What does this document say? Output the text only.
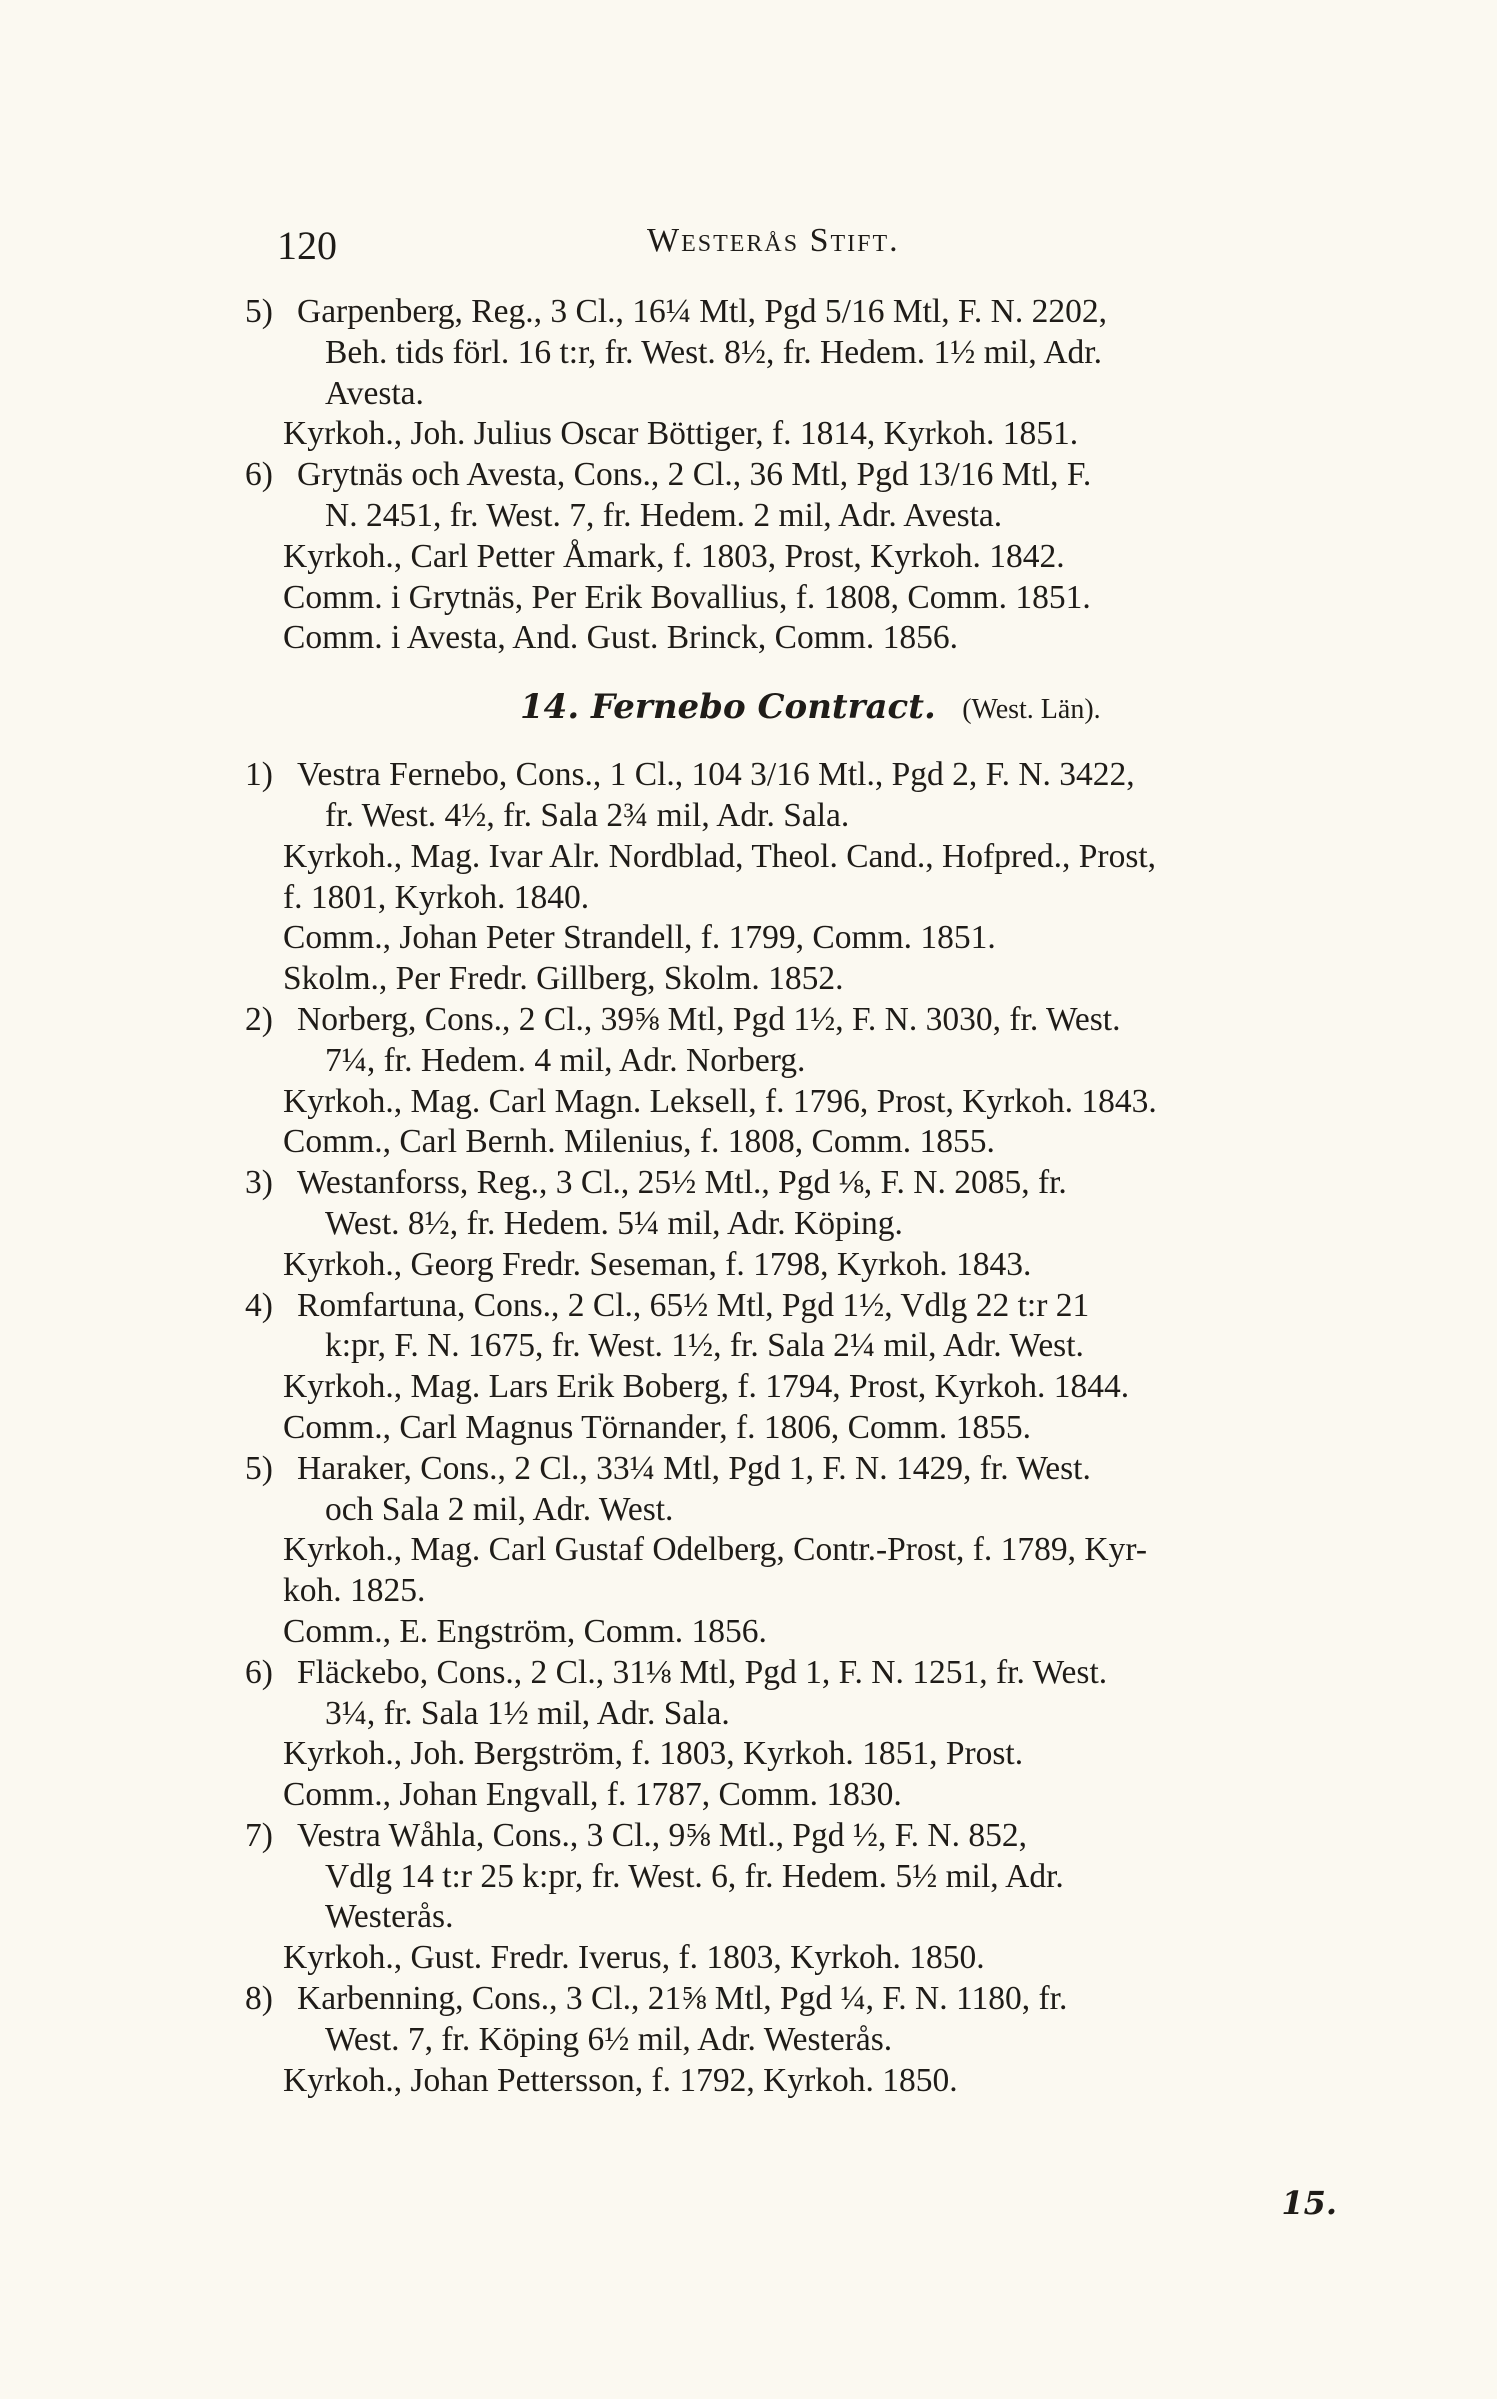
120	Westerås Stift.
5) Garpenberg, Reg., 3 Cl., 16¼ Mtl, Pgd 5/16 Mtl, F. N. 2202,
Beh. tids förl. 16 t:r, fr. West. 8½, fr. Hedem. 1½ mil, Adr.
Avesta.
Kyrkoh., Joh. Julius Oscar Böttiger, f. 1814, Kyrkoh. 1851.
6) Grytnäs och Avesta, Cons., 2 Cl., 36 Mtl, Pgd 13/16 Mtl, F.
N. 2451, fr. West. 7, fr. Hedem. 2 mil, Adr. Avesta.
Kyrkoh., Carl Petter Åmark, f. 1803, Prost, Kyrkoh. 1842.
Comm. i Grytnäs, Per Erik Bovallius, f. 1808, Comm. 1851.
Comm. i Avesta, And. Gust. Brinck, Comm. 1856.
14. Fernebo Contract. (West. Län).
1) Vestra Fernebo, Cons., 1 Cl., 104 3/16 Mtl., Pgd 2, F. N. 3422,
fr. West. 4½, fr. Sala 2¾ mil, Adr. Sala.
Kyrkoh., Mag. Ivar Alr. Nordblad, Theol. Cand., Hofpred., Prost,
f. 1801, Kyrkoh. 1840.
Comm., Johan Peter Strandell, f. 1799, Comm. 1851.
Skolm., Per Fredr. Gillberg, Skolm. 1852.
2) Norberg, Cons., 2 Cl., 39⅝ Mtl, Pgd 1½, F. N. 3030, fr. West.
7¼, fr. Hedem. 4 mil, Adr. Norberg.
Kyrkoh., Mag. Carl Magn. Leksell, f. 1796, Prost, Kyrkoh. 1843.
Comm., Carl Bernh. Milenius, f. 1808, Comm. 1855.
3) Westanforss, Reg., 3 Cl., 25½ Mtl., Pgd ⅛, F. N. 2085, fr.
West. 8½, fr. Hedem. 5¼ mil, Adr. Köping.
Kyrkoh., Georg Fredr. Seseman, f. 1798, Kyrkoh. 1843.
4) Romfartuna, Cons., 2 Cl., 65½ Mtl, Pgd 1½, Vdlg 22 t:r 21
k:pr, F. N. 1675, fr. West. 1½, fr. Sala 2¼ mil, Adr. West.
Kyrkoh., Mag. Lars Erik Boberg, f. 1794, Prost, Kyrkoh. 1844.
Comm., Carl Magnus Törnander, f. 1806, Comm. 1855.
5) Haraker, Cons., 2 Cl., 33¼ Mtl, Pgd 1, F. N. 1429, fr. West.
och Sala 2 mil, Adr. West.
Kyrkoh., Mag. Carl Gustaf Odelberg, Contr.-Prost, f. 1789, Kyr-
koh. 1825.
Comm., E. Engström, Comm. 1856.
6) Fläckebo, Cons., 2 Cl., 31⅛ Mtl, Pgd 1, F. N. 1251, fr. West.
3¼, fr. Sala 1½ mil, Adr. Sala.
Kyrkoh., Joh. Bergström, f. 1803, Kyrkoh. 1851, Prost.
Comm., Johan Engvall, f. 1787, Comm. 1830.
7) Vestra Wåhla, Cons., 3 Cl., 9⅝ Mtl., Pgd ½, F. N. 852,
Vdlg 14 t:r 25 k:pr, fr. West. 6, fr. Hedem. 5½ mil, Adr.
Westerås.
Kyrkoh., Gust. Fredr. Iverus, f. 1803, Kyrkoh. 1850.
8) Karbenning, Cons., 3 Cl., 21⅝ Mtl, Pgd ¼, F. N. 1180, fr.
West. 7, fr. Köping 6½ mil, Adr. Westerås.
Kyrkoh., Johan Pettersson, f. 1792, Kyrkoh. 1850.
15.
